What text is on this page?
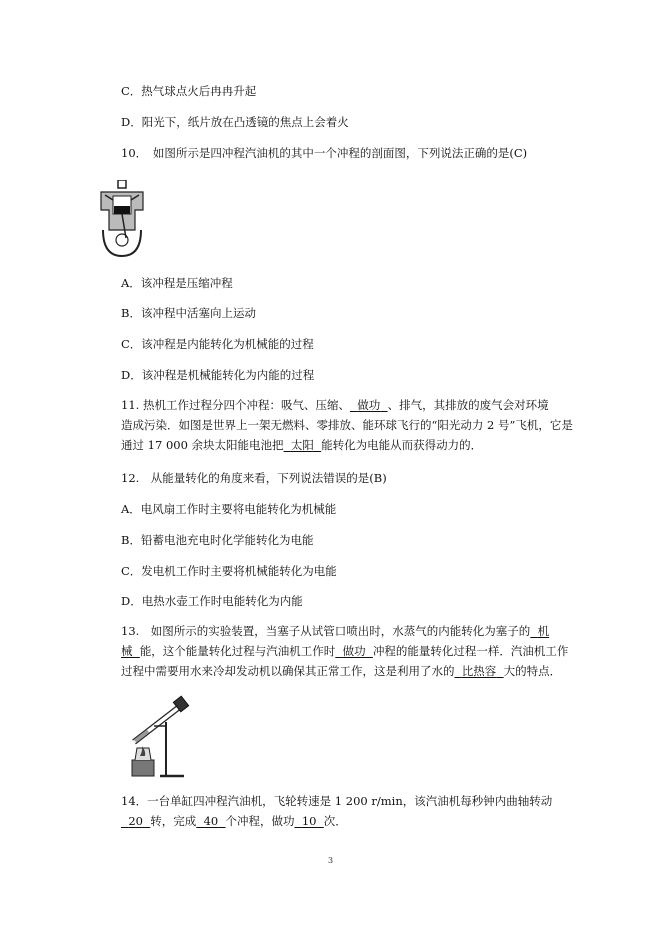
C．热气球点火后冉冉升起
D．阳光下，纸片放在凸透镜的焦点上会着火
10．　如图所示是四冲程汽油机的其中一个冲程的剖面图，下列说法正确的是(C)
A．该冲程是压缩冲程
B．该冲程中活塞向上运动
C．该冲程是内能转化为机械能的过程
D．该冲程是机械能转化为内能的过程
11. 热机工作过程分四个冲程：吸气、压缩、 做功 、排气，其排放的废气会对环境
造成污染．如图是世界上一架无燃料、零排放、能环球飞行的“阳光动力 2 号”飞机，它是
通过 17 000 余块太阳能电池把 太阳 能转化为电能从而获得动力的．
12.　从能量转化的角度来看，下列说法错误的是(B)
A．电风扇工作时主要将电能转化为机械能
B．铅蓄电池充电时化学能转化为电能
C．发电机工作时主要将机械能转化为电能
D．电热水壶工作时电能转化为内能
13.　如图所示的实验装置，当塞子从试管口喷出时，水蒸气的内能转化为塞子的 机
械 能，这个能量转化过程与汽油机工作时 做功 冲程的能量转化过程一样．汽油机工作
过程中需要用水来冷却发动机以确保其正常工作，这是利用了水的 比热容 大的特点．
14．一台单缸四冲程汽油机，飞轮转速是 1 200 r/min，该汽油机每秒钟内曲轴转动
20 转，完成 40 个冲程，做功 10 次．
3
